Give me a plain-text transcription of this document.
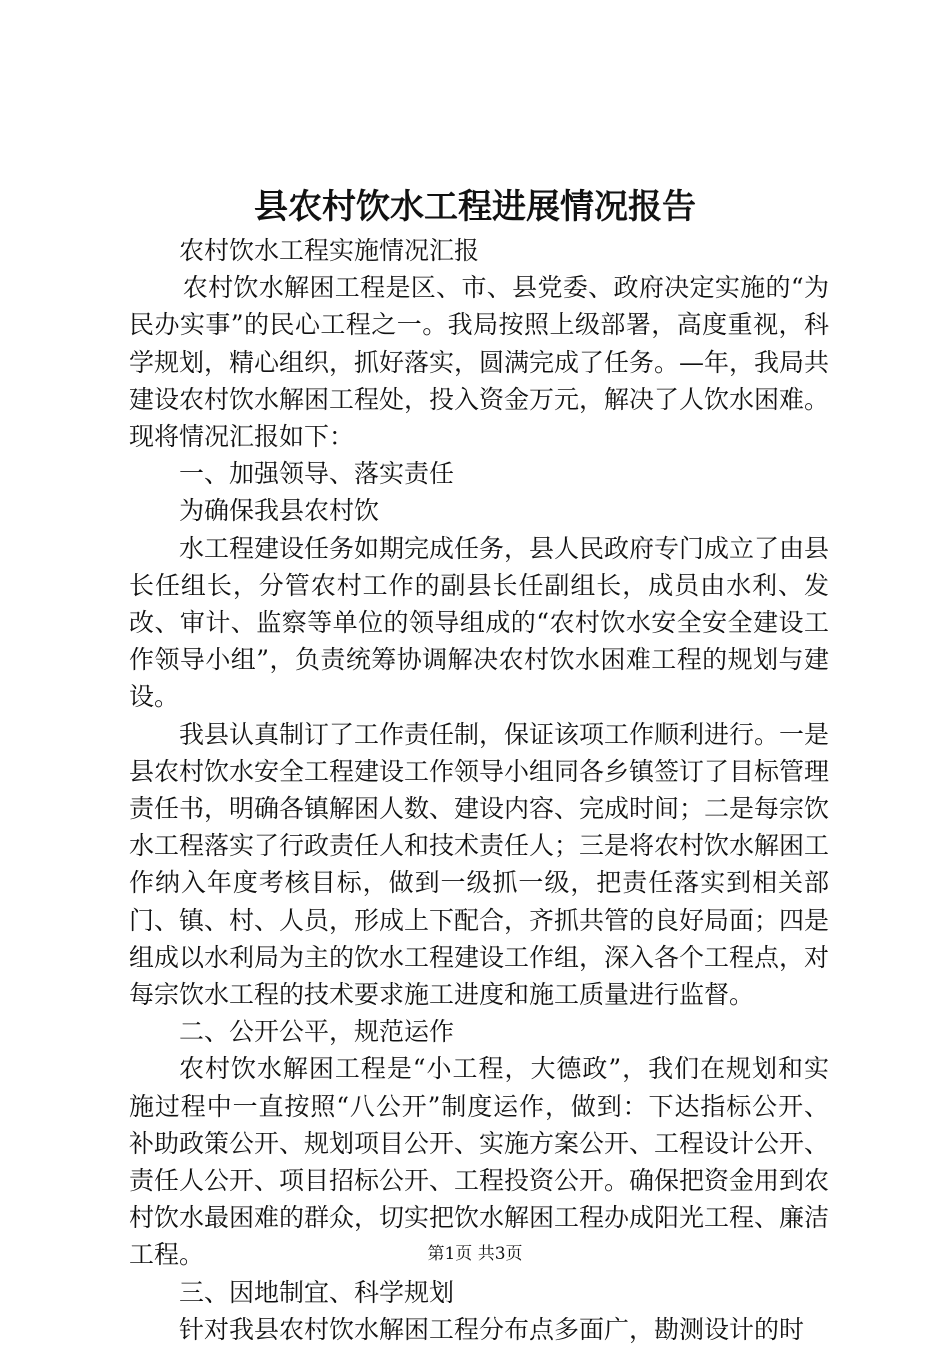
县农村饮水工程进展情况报告

农村饮水工程实施情况汇报

农村饮水解困工程是区、市、县党委、政府决定实施的“为民办实事”的民心工程之一。我局按照上级部署，高度重视，科学规划，精心组织，抓好落实，圆满完成了任务。—年，我局共建设农村饮水解困工程处，投入资金万元，解决了人饮水困难。现将情况汇报如下：

一、加强领导、落实责任

为确保我县农村饮

水工程建设任务如期完成任务，县人民政府专门成立了由县长任组长，分管农村工作的副县长任副组长，成员由水利、发改、审计、监察等单位的领导组成的“农村饮水安全安全建设工作领导小组”，负责统筹协调解决农村饮水困难工程的规划与建设。

我县认真制订了工作责任制，保证该项工作顺利进行。一是县农村饮水安全工程建设工作领导小组同各乡镇签订了目标管理责任书，明确各镇解困人数、建设内容、完成时间；二是每宗饮水工程落实了行政责任人和技术责任人；三是将农村饮水解困工作纳入年度考核目标，做到一级抓一级，把责任落实到相关部门、镇、村、人员，形成上下配合，齐抓共管的良好局面；四是组成以水利局为主的饮水工程建设工作组，深入各个工程点，对每宗饮水工程的技术要求施工进度和施工质量进行监督。

二、公开公平，规范运作

农村饮水解困工程是“小工程，大德政”，我们在规划和实施过程中一直按照“八公开”制度运作，做到：下达指标公开、补助政策公开、规划项目公开、实施方案公开、工程设计公开、责任人公开、项目招标公开、工程投资公开。确保把资金用到农村饮水最困难的群众，切实把饮水解困工程办成阳光工程、廉洁工程。

三、因地制宜、科学规划

针对我县农村饮水解困工程分布点多面广，勘测设计的时

第1页 共3页
